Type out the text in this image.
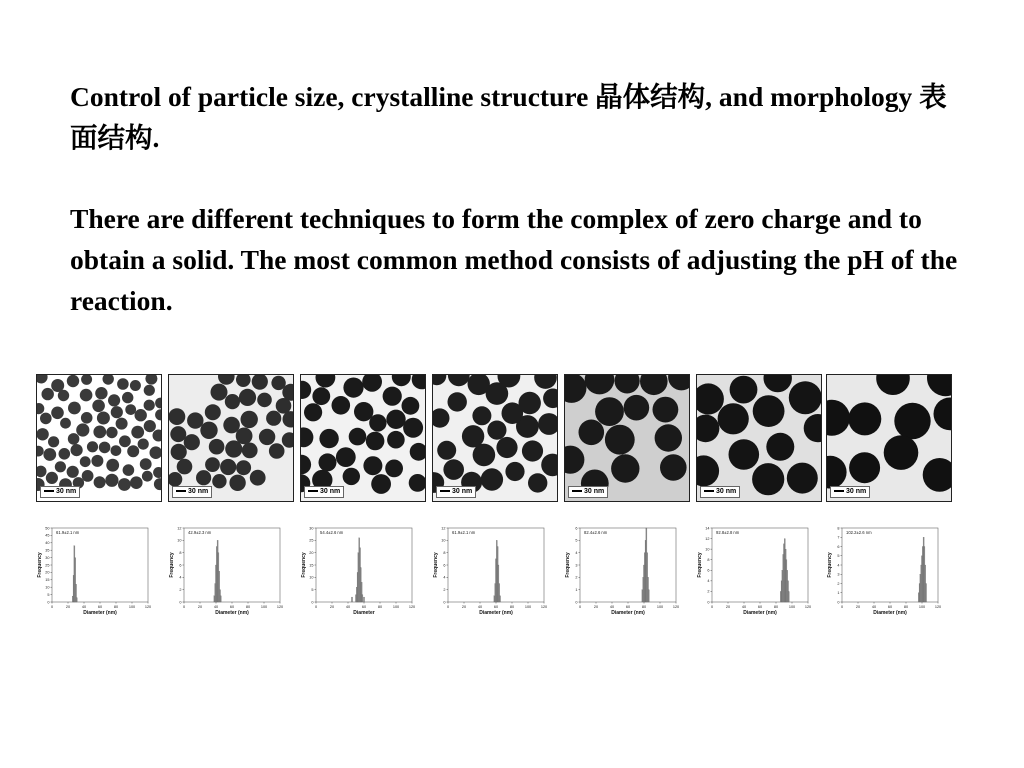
Control of particle size, crystalline structure 晶体结构, and morphology 表面结构.

There are different techniques to form the complex of zero charge and to obtain a solid. The most common method consists of adjusting the pH of the reaction.

30 nm	30 nm	30 nm	30 nm	30 nm	30 nm	30 nm
0	20	40	60	80	100	120
0
5
10
15
20
25
30
35
40
45
50
61.9±2.1 nm
Diameter (nm)
Frequency
0	20	40	60	80	100	120
0
2
4
6
8
10
12
42.9±2.3 nm
Diameter (nm)
Frequency
0	20	40	60	80	100	120
0
5
10
15
20
25
30
54.4±2.6 nm
Diameter
Frequency
0	20	40	60	80	100	120
0
2
4
6
8
10
12
61.9±2.1 nm
Diameter (nm)
Frequency
0	20	40	60	80	100	120
0
1
2
3
4
5
6
82.4±2.6 nm
Diameter (nm)
Frequency
0	20	40	60	80	100	120
0
2
4
6
8
10
12
14
92.8±2.8 nm
Diameter (nm)
Frequency
0	20	40	60	80	100	120
0
1
2
3
4
5
6
7
8
102.2±2.6 nm
Diameter (nm)
Frequency
